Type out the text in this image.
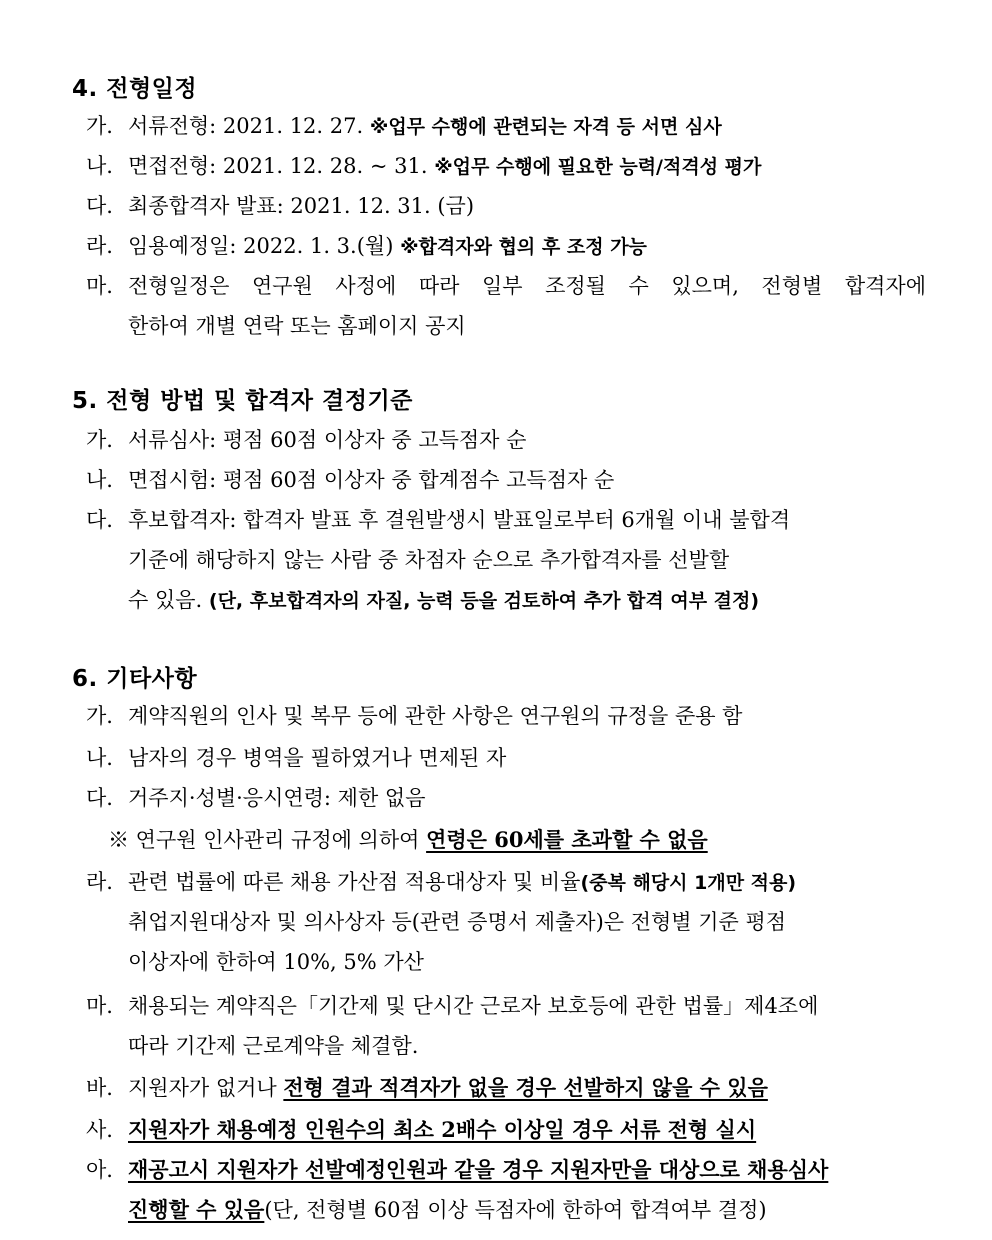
4. 전형일정
가. 서류전형: 2021. 12. 27. ※업무 수행에 관련되는 자격 등 서면 심사
나. 면접전형: 2021. 12. 28. ~ 31. ※업무 수행에 필요한 능력/적격성 평가
다. 최종합격자 발표: 2021. 12. 31. (금)
라. 임용예정일: 2022. 1. 3.(월) ※합격자와 협의 후 조정 가능
마. 전형일정은 연구원 사정에 따라 일부 조정될 수 있으며, 전형별 합격자에
한하여 개별 연락 또는 홈페이지 공지
5. 전형 방법 및 합격자 결정기준
가. 서류심사: 평점 60점 이상자 중 고득점자 순
나. 면접시험: 평점 60점 이상자 중 합계점수 고득점자 순
다. 후보합격자: 합격자 발표 후 결원발생시 발표일로부터 6개월 이내 불합격
기준에 해당하지 않는 사람 중 차점자 순으로 추가합격자를 선발할
수 있음. (단, 후보합격자의 자질, 능력 등을 검토하여 추가 합격 여부 결정)
6. 기타사항
가. 계약직원의 인사 및 복무 등에 관한 사항은 연구원의 규정을 준용 함
나. 남자의 경우 병역을 필하였거나 면제된 자
다. 거주지·성별·응시연령: 제한 없음
※ 연구원 인사관리 규정에 의하여 연령은 60세를 초과할 수 없음
라. 관련 법률에 따른 채용 가산점 적용대상자 및 비율(중복 해당시 1개만 적용)
취업지원대상자 및 의사상자 등(관련 증명서 제출자)은 전형별 기준 평점
이상자에 한하여 10%, 5% 가산
마. 채용되는 계약직은「기간제 및 단시간 근로자 보호등에 관한 법률」제4조에
따라 기간제 근로계약을 체결함.
바. 지원자가 없거나 전형 결과 적격자가 없을 경우 선발하지 않을 수 있음
사. 지원자가 채용예정 인원수의 최소 2배수 이상일 경우 서류 전형 실시
아. 재공고시 지원자가 선발예정인원과 같을 경우 지원자만을 대상으로 채용심사
진행할 수 있음(단, 전형별 60점 이상 득점자에 한하여 합격여부 결정)
